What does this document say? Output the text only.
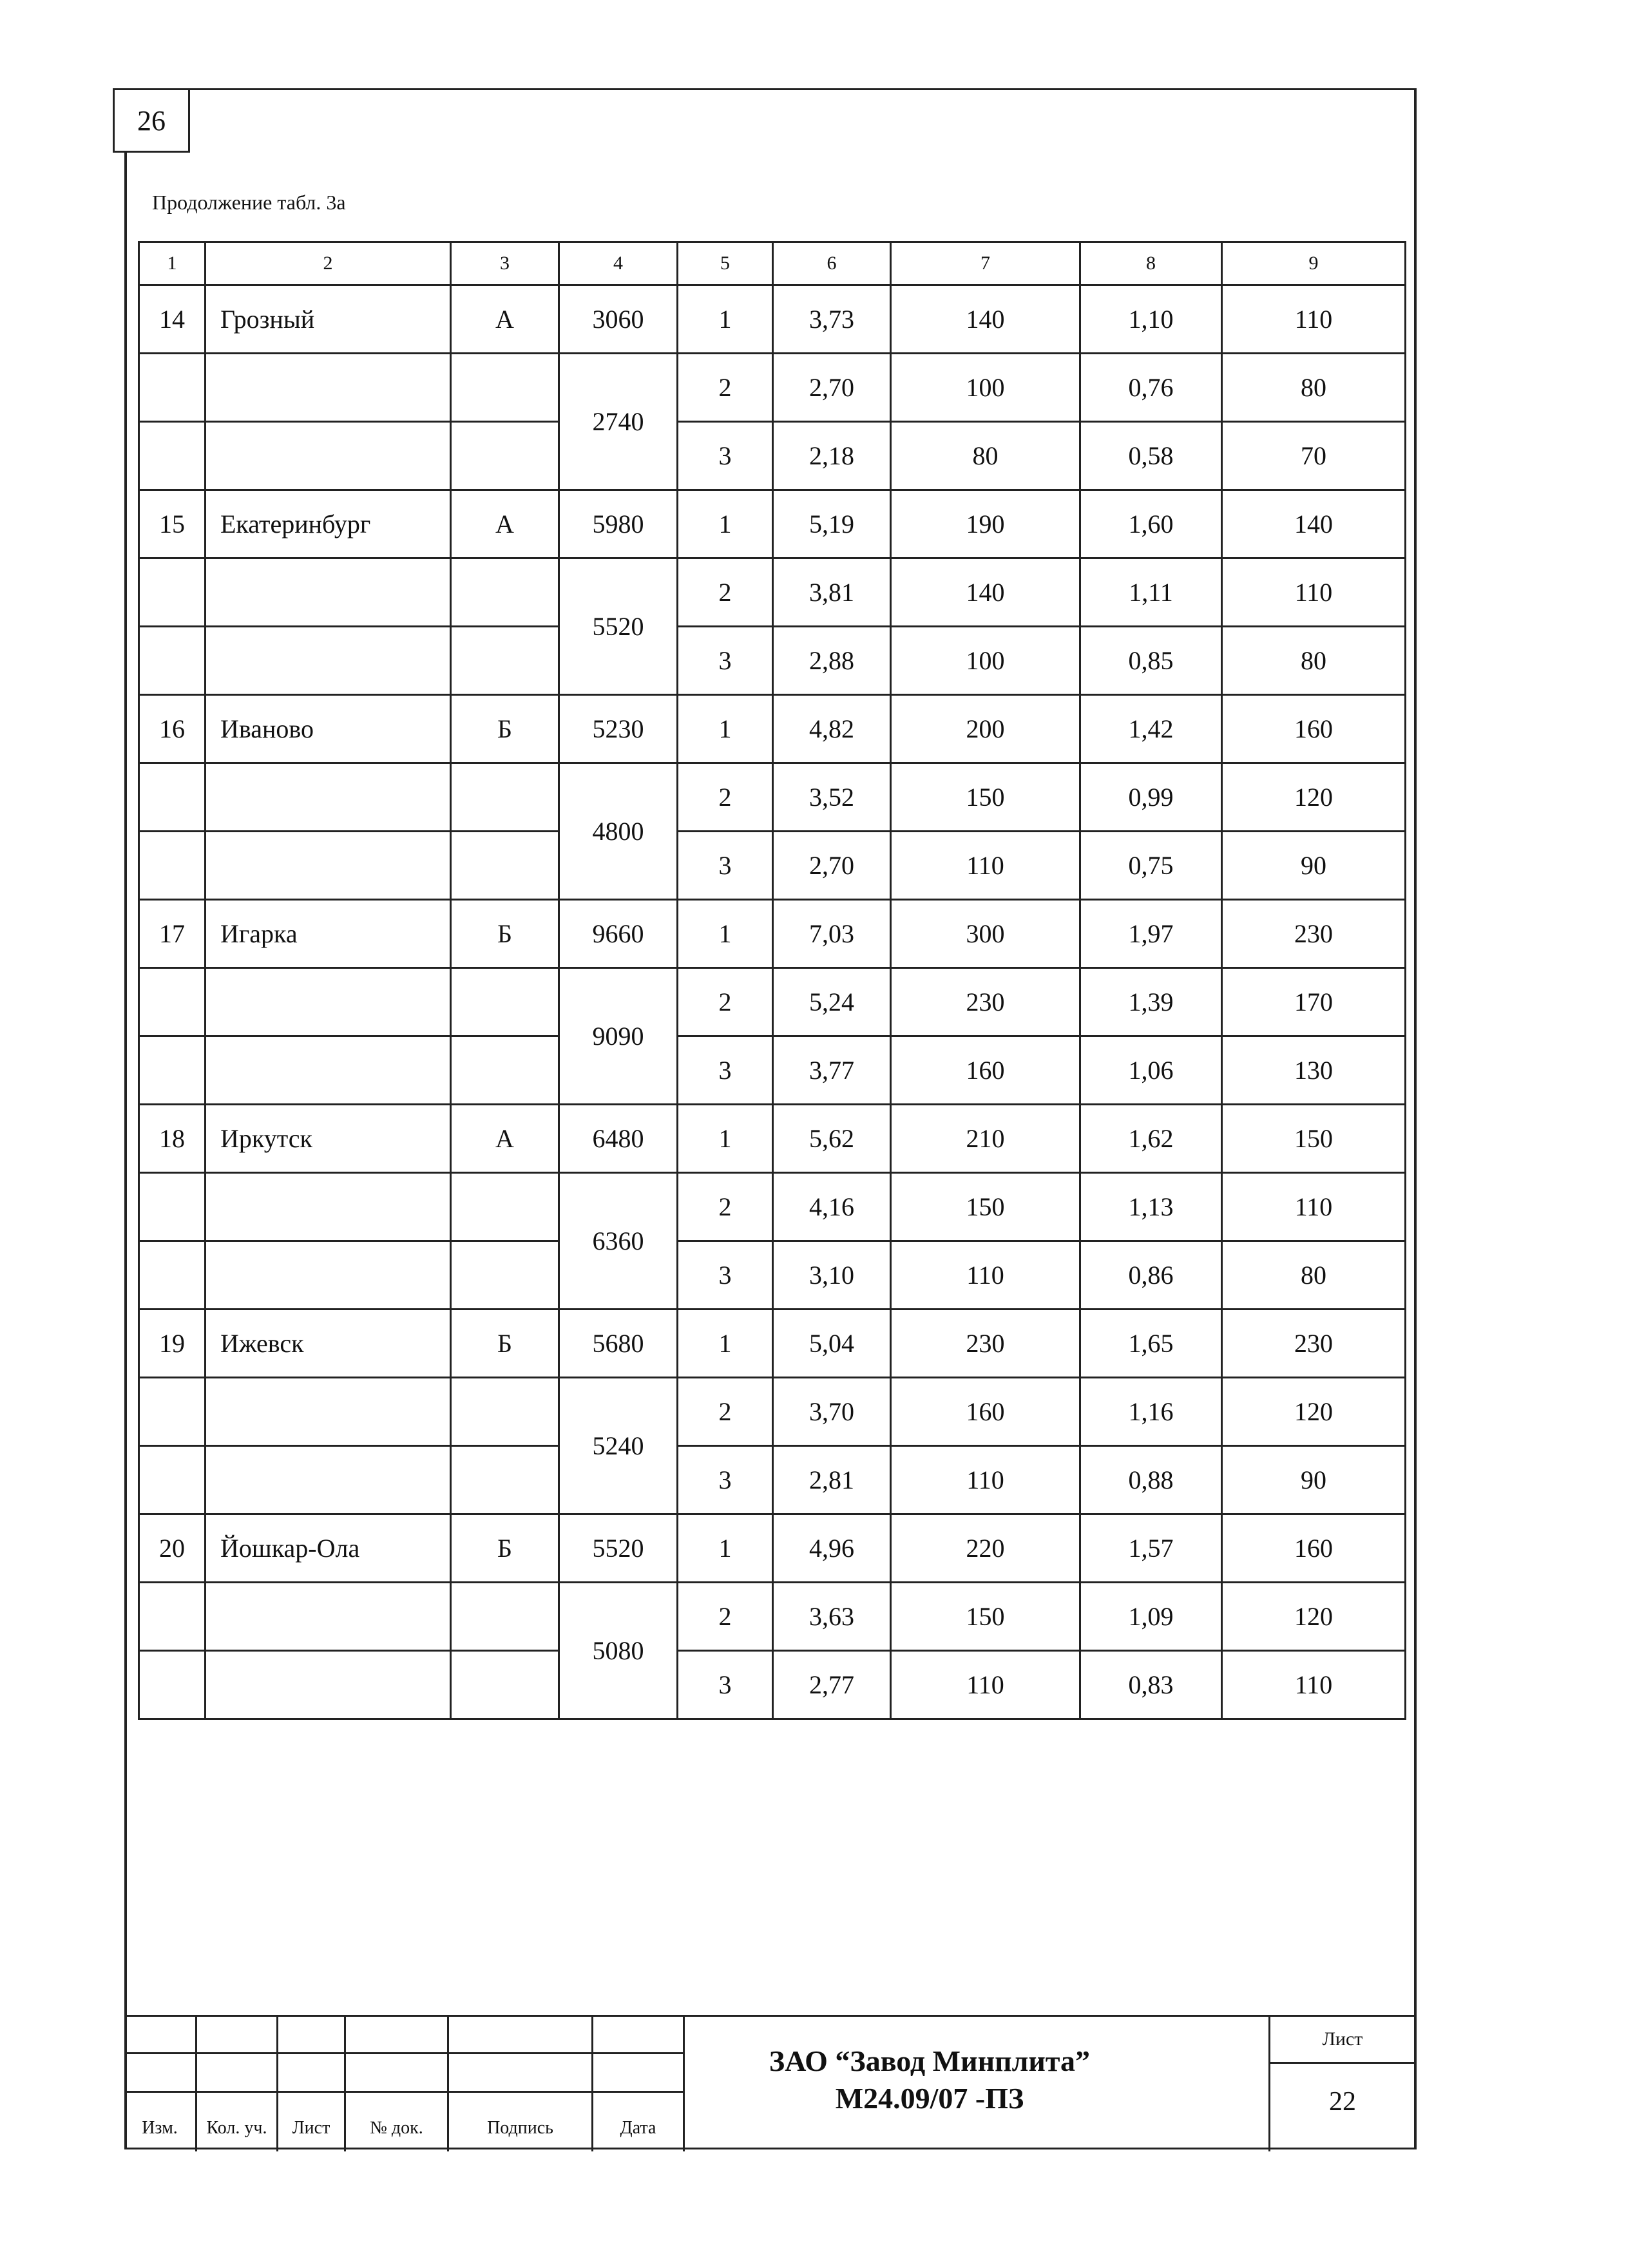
26
Продолжение табл. 3а
1	2	3	4	5	6	7	8	9
14	Грозный	А	3060	1	3,73	140	1,10	110
			2740	2	2,70	100	0,76	80
				3	2,18	80	0,58	70
15	Екатеринбург	А	5980	1	5,19	190	1,60	140
			5520	2	3,81	140	1,11	110
				3	2,88	100	0,85	80
16	Иваново	Б	5230	1	4,82	200	1,42	160
			4800	2	3,52	150	0,99	120
				3	2,70	110	0,75	90
17	Игарка	Б	9660	1	7,03	300	1,97	230
			9090	2	5,24	230	1,39	170
				3	3,77	160	1,06	130
18	Иркутск	А	6480	1	5,62	210	1,62	150
			6360	2	4,16	150	1,13	110
				3	3,10	110	0,86	80
19	Ижевск	Б	5680	1	5,04	230	1,65	230
			5240	2	3,70	160	1,16	120
				3	2,81	110	0,88	90
20	Йошкар-Ола	Б	5520	1	4,96	220	1,57	160
			5080	2	3,63	150	1,09	120
				3	2,77	110	0,83	110
Изм.	Кол. уч.	Лист	№ док.	Подпись	Дата
ЗАО “Завод Минплита”
М24.09/07 -ПЗ
Лист
22
